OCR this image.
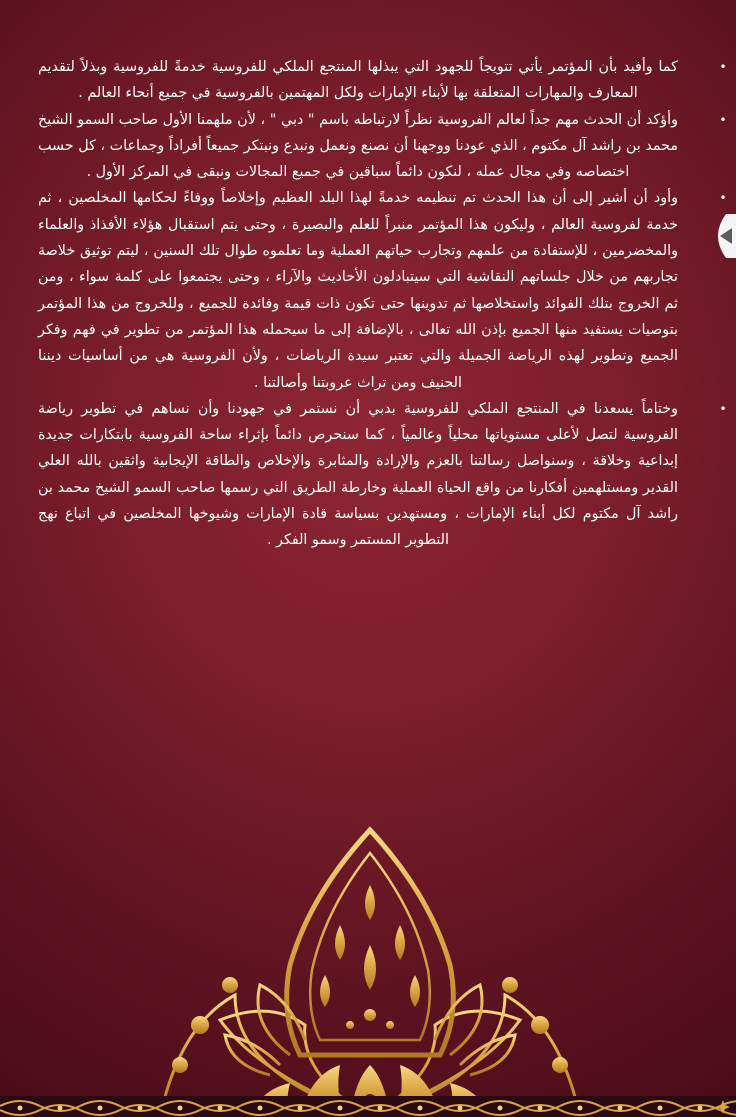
•
كما وأفيد بأن المؤتمر يأتي تتويجاً للجهود التي يبذلها المنتجع الملكي للفروسية خدمةً للفروسية وبذلاً لتقديم المعارف والمهارات المتعلقة بها لأبناء الإمارات ولكل المهتمين بالفروسية في جميع أنحاء العالم .
•
وأؤكد أن الحدث مهم جداً لعالم الفروسية نظراً لارتباطه باسم " دبي " ، لأن ملهمنا الأول صاحب السمو الشيخ محمد بن راشد آل مكتوم ، الذي عودنا ووجهنا أن نصنع ونعمل ونبدع ونبتكر جميعاً أفراداً وجماعات ، كل حسب اختصاصه وفي مجال عمله ، لنكون دائماً سباقين في جميع المجالات ونبقى في المركز الأول .
•
وأود أن أشير إلى أن هذا الحدث تم تنظيمه خدمةً لهذا البلد العظيم وإخلاصاً ووفاءً لحكامها المخلصين ، ثم خدمة لفروسية العالم ، وليكون هذا المؤتمر منبراً للعلم والبصيرة ، وحتى يتم استقبال هؤلاء الأفذاذ والعلماء والمخضرمين ، للإستفادة من علمهم وتجارب حياتهم العملية وما تعلموه طوال تلك السنين ، ليتم توثيق خلاصة تجاربهم من خلال جلساتهم النقاشية التي سيتبادلون الأحاديث والآراء ، وحتى يجتمعوا على كلمة سواء ، ومن ثم الخروج بتلك الفوائد واستخلاصها ثم تدوينها حتى تكون ذات قيمة وفائدة للجميع ، وللخروج من هذا المؤتمر بتوصيات يستفيد منها الجميع بإذن الله تعالى ، بالإضافة إلى ما سيحمله هذا المؤتمر من تطوير في فهم وفكر الجميع وتطوير لهذه الرياضة الجميلة والتي تعتبر سيدة الرياضات ، ولأن الفروسية هي من أساسيات ديننا الحنيف ومن تراث عروبتنا وأصالتنا .
•
وختاماً يسعدنا في المنتجع الملكي للفروسية بدبي أن نستمر في جهودنا وأن نساهم في تطوير رياضة الفروسية لتصل لأعلى مستوياتها محلياً وعالمياً ، كما سنحرص دائماً بإثراء ساحة الفروسية بابتكارات جديدة إبداعية وخلاقة ، وسنواصل رسالتنا بالعزم والإرادة والمثابرة والإخلاص والطاقة الإيجابية واثقين بالله العلي القدير ومستلهمين أفكارنا من واقع الحياة العملية وخارطة الطريق التي رسمها صاحب السمو الشيخ محمد بن راشد آل مكتوم لكل أبناء الإمارات ، ومستهدين بسياسة قادة الإمارات وشيوخها المخلصين في اتباع نهج التطوير المستمر وسمو الفكر .
